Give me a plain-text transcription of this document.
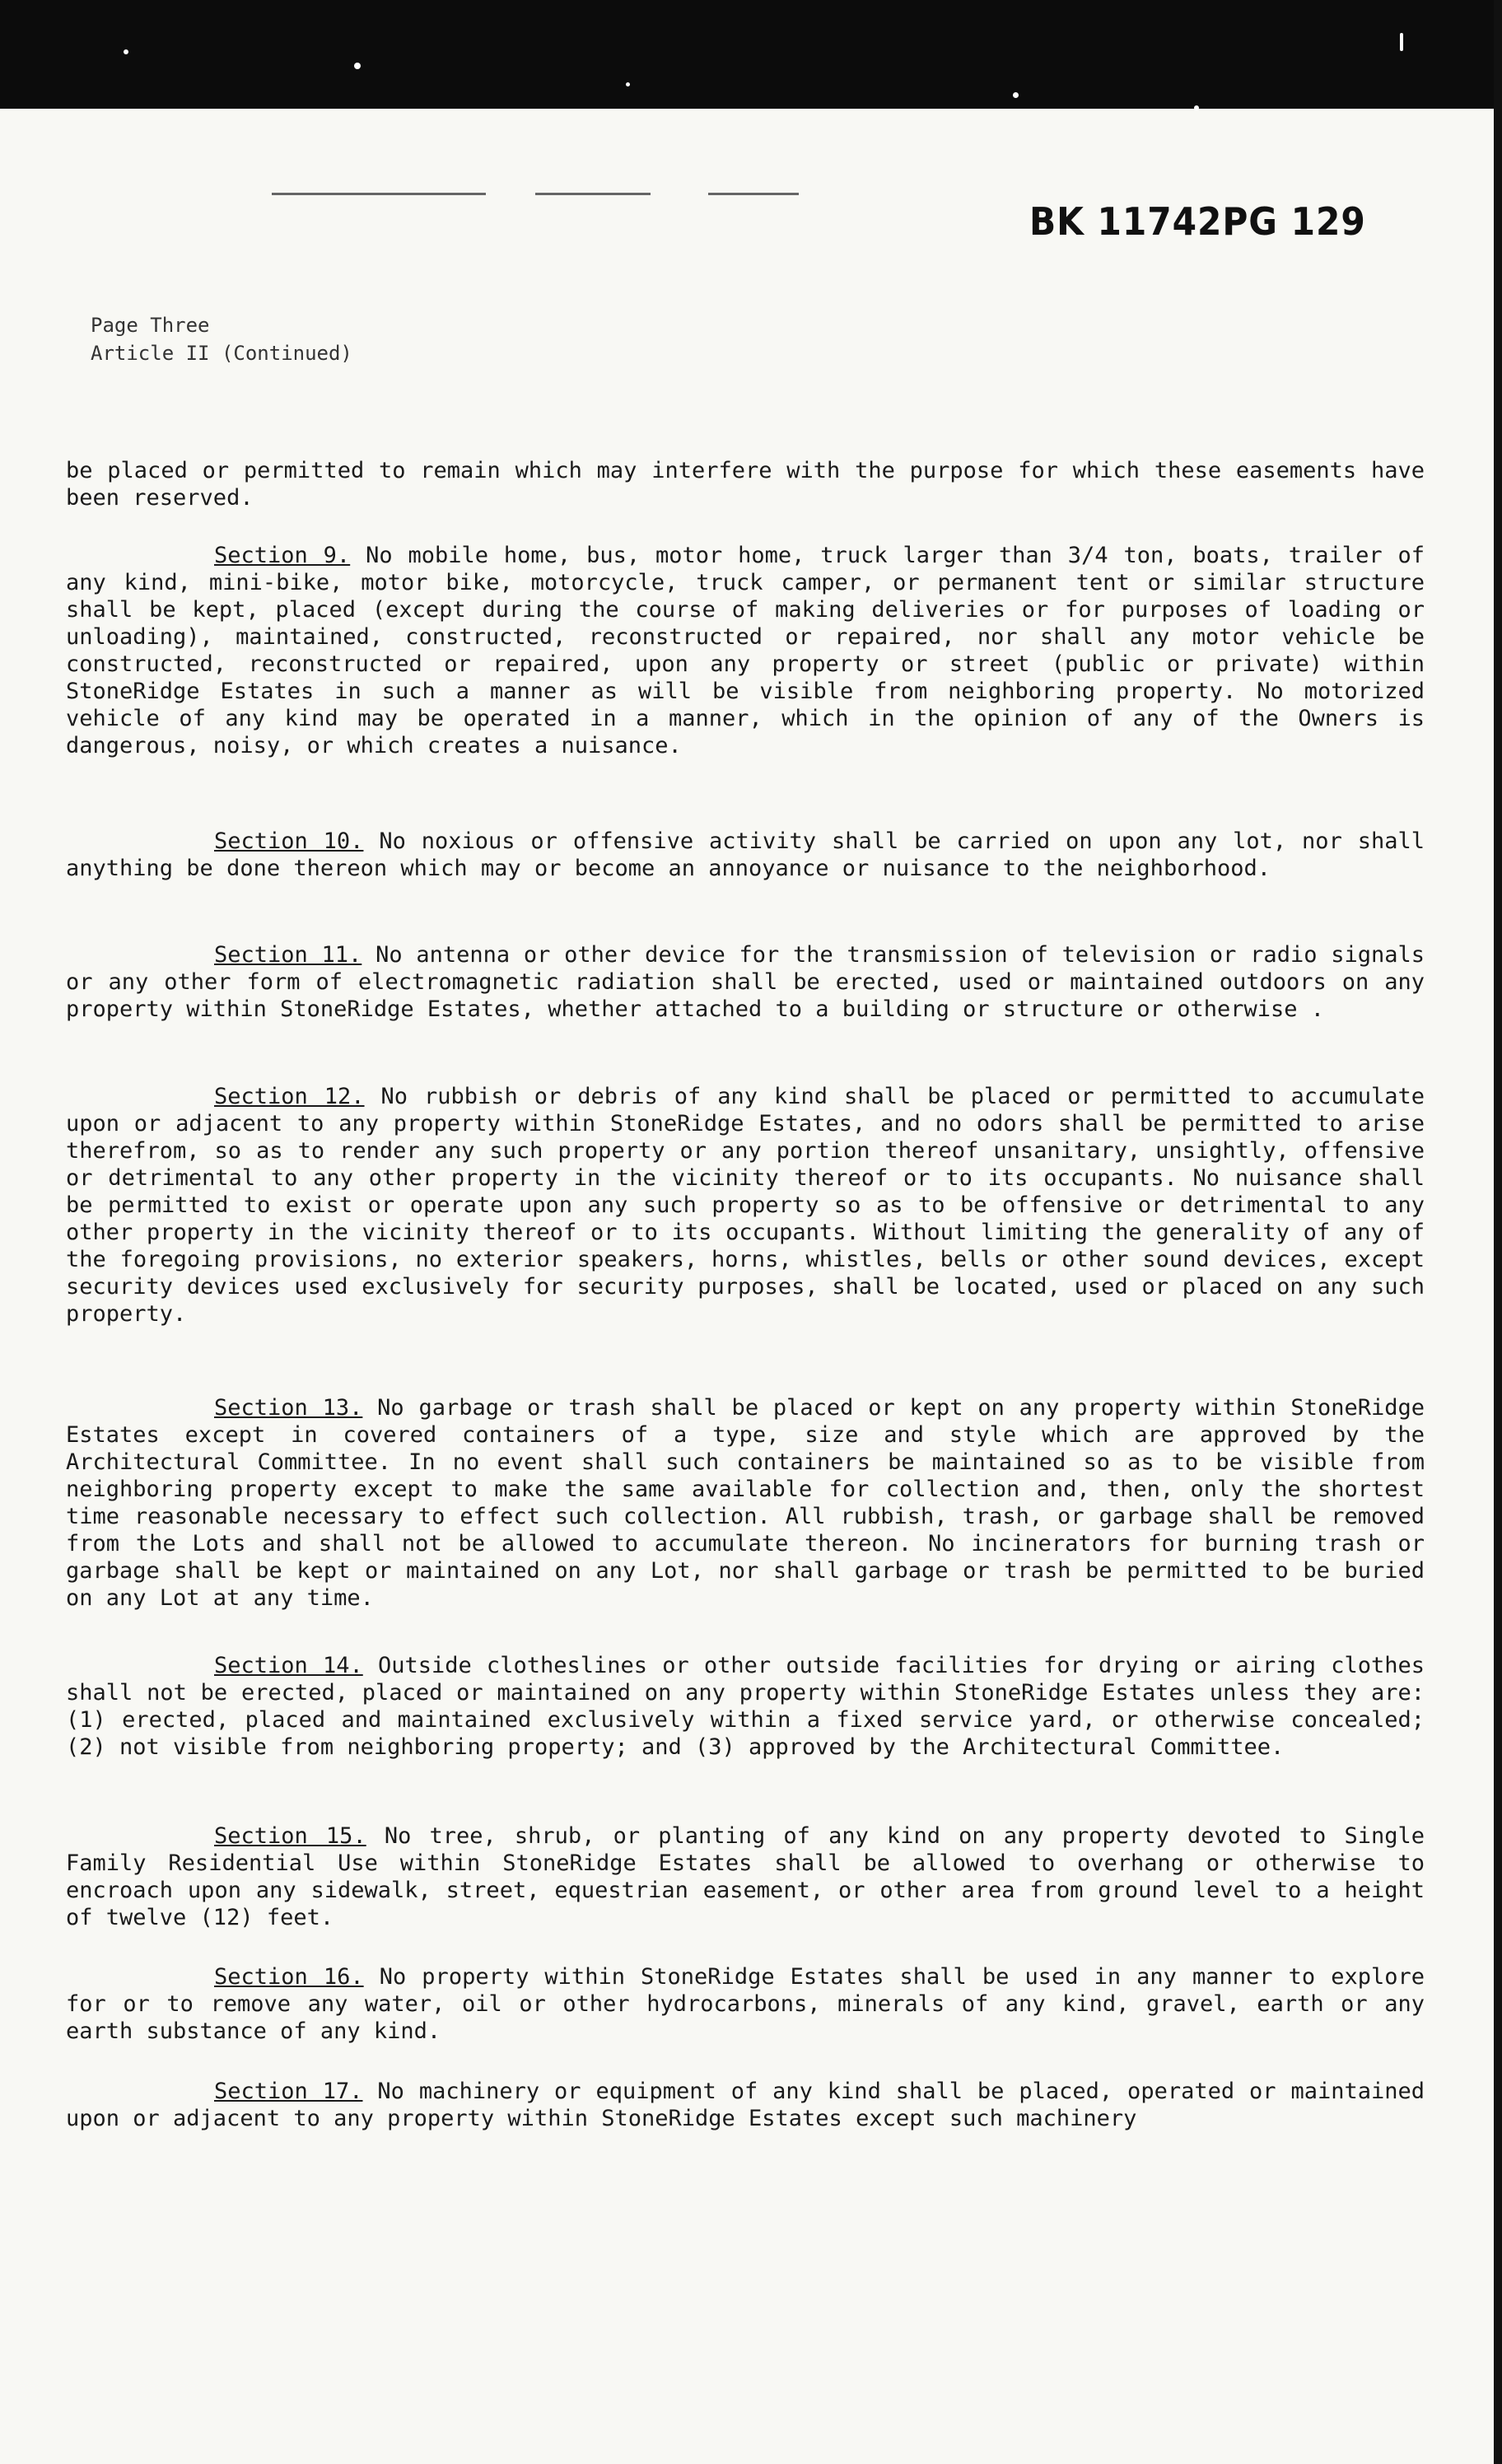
BK 11742PG 129
Page Three
Article II (Continued)

be placed or permitted to remain which may interfere with the purpose for which these easements have been reserved.

Section 9. No mobile home, bus, motor home, truck larger than 3/4 ton, boats, trailer of any kind, mini-bike, motor bike, motorcycle, truck camper, or permanent tent or similar structure shall be kept, placed (except during the course of making deliveries or for purposes of loading or unloading), maintained, constructed, reconstructed or repaired, nor shall any motor vehicle be constructed, reconstructed or repaired, upon any property or street (public or private) within StoneRidge Estates in such a manner as will be visible from neighboring property. No motorized vehicle of any kind may be operated in a manner, which in the opinion of any of the Owners is dangerous, noisy, or which creates a nuisance.

Section 10. No noxious or offensive activity shall be carried on upon any lot, nor shall anything be done thereon which may or become an annoyance or nuisance to the neighborhood.

Section 11. No antenna or other device for the transmission of television or radio signals or any other form of electromagnetic radiation shall be erected, used or maintained outdoors on any property within StoneRidge Estates, whether attached to a building or structure or otherwise .

Section 12. No rubbish or debris of any kind shall be placed or permitted to accumulate upon or adjacent to any property within StoneRidge Estates, and no odors shall be permitted to arise therefrom, so as to render any such property or any portion thereof unsanitary, unsightly, offensive or detrimental to any other property in the vicinity thereof or to its occupants. No nuisance shall be permitted to exist or operate upon any such property so as to be offensive or detrimental to any other property in the vicinity thereof or to its occupants. Without limiting the generality of any of the foregoing provisions, no exterior speakers, horns, whistles, bells or other sound devices, except security devices used exclusively for security purposes, shall be located, used or placed on any such property.

Section 13. No garbage or trash shall be placed or kept on any property within StoneRidge Estates except in covered containers of a type, size and style which are approved by the Architectural Committee. In no event shall such containers be maintained so as to be visible from neighboring property except to make the same available for collection and, then, only the shortest time reasonable necessary to effect such collection. All rubbish, trash, or garbage shall be removed from the Lots and shall not be allowed to accumulate thereon. No incinerators for burning trash or garbage shall be kept or maintained on any Lot, nor shall garbage or trash be permitted to be buried on any Lot at any time.

Section 14. Outside clotheslines or other outside facilities for drying or airing clothes shall not be erected, placed or maintained on any property within StoneRidge Estates unless they are: (1) erected, placed and maintained exclusively within a fixed service yard, or otherwise concealed; (2) not visible from neighboring property; and (3) approved by the Architectural Committee.

Section 15. No tree, shrub, or planting of any kind on any property devoted to Single Family Residential Use within StoneRidge Estates shall be allowed to overhang or otherwise to encroach upon any sidewalk, street, equestrian easement, or other area from ground level to a height of twelve (12) feet.

Section 16. No property within StoneRidge Estates shall be used in any manner to explore for or to remove any water, oil or other hydrocarbons, minerals of any kind, gravel, earth or any earth substance of any kind.

Section 17. No machinery or equipment of any kind shall be placed, operated or maintained upon or adjacent to any property within StoneRidge Estates except such machinery
